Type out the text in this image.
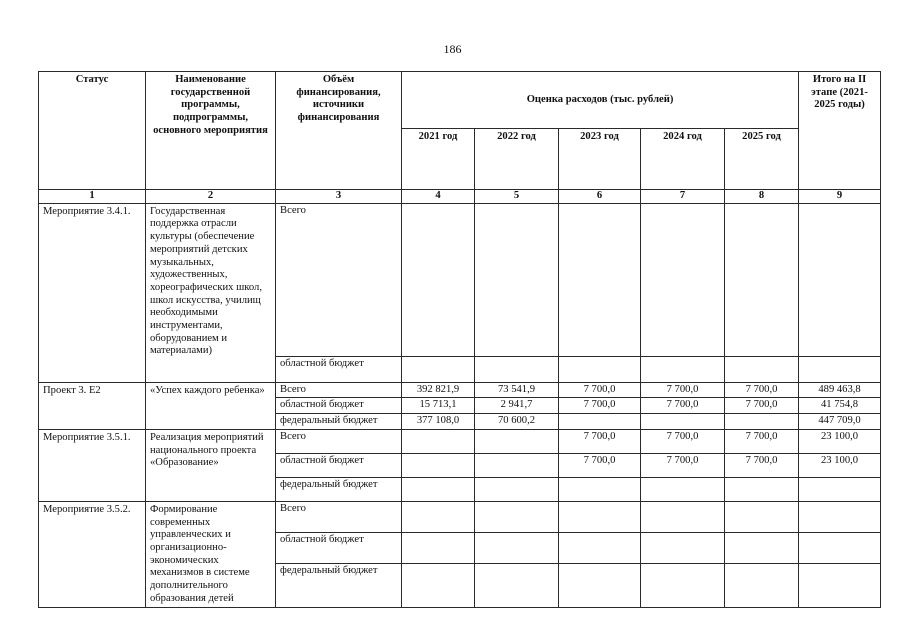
186
Статус	Наименование государственной программы, подпрограммы, основного мероприятия	Объём финансирования, источники финансирования	Оценка расходов (тыс. рублей)					Итого на II этапе (2021-2025 годы)
			2021 год	2022 год	2023 год	2024 год	2025 год	
1	2	3	4	5	6	7	8	9
Мероприятие 3.4.1.	Государственная поддержка отрасли культуры (обеспечение мероприятий детских музыкальных, художественных, хореографических школ, школ искусства, училищ необходимыми инструментами, оборудованием и материалами)	Всего						
		областной бюджет						
Проект 3. E2	«Успех каждого ребенка»	Всего	392 821,9	73 541,9	7 700,0	7 700,0	7 700,0	489 463,8
		областной бюджет	15 713,1	2 941,7	7 700,0	7 700,0	7 700,0	41 754,8
		федеральный бюджет	377 108,0	70 600,2				447 709,0
Мероприятие 3.5.1.	Реализация мероприятий национального проекта «Образование»	Всего			7 700,0	7 700,0	7 700,0	23 100,0
		областной бюджет			7 700,0	7 700,0	7 700,0	23 100,0
		федеральный бюджет						
Мероприятие 3.5.2.	Формирование современных управленческих и организационно-экономических механизмов в системе дополнительного образования детей	Всего						
		областной бюджет						
		федеральный бюджет						
